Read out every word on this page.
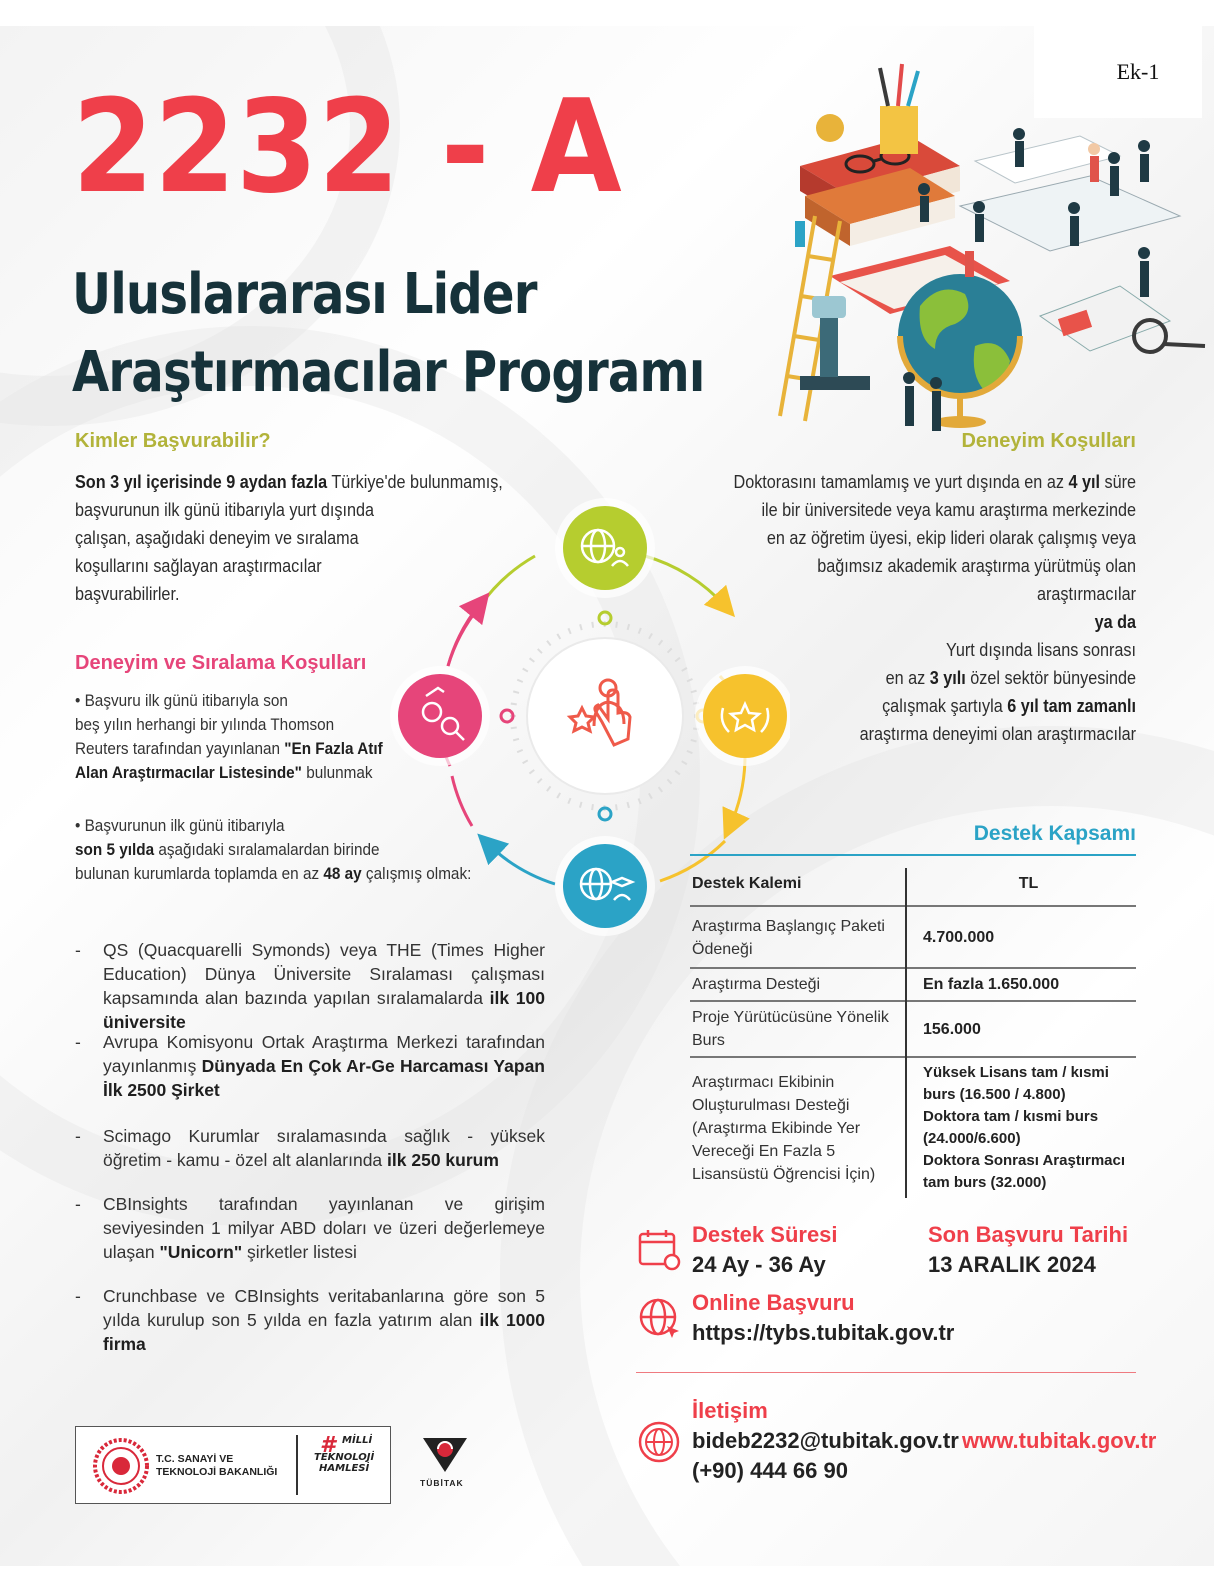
2232 - A
Uluslararası Lider
Araştırmacılar Programı
Ek-1
Kimler Başvurabilir?
Son 3 yıl içerisinde 9 aydan fazla Türkiye'de bulunmamış,
başvurunun ilk günü itibarıyla yurt dışında
çalışan, aşağıdaki deneyim ve sıralama
koşullarını sağlayan araştırmacılar
başvurabilirler.
Deneyim ve Sıralama Koşulları
• Başvuru ilk günü itibarıyla son
beş yılın herhangi bir yılında Thomson
Reuters tarafından yayınlanan "En Fazla Atıf
Alan Araştırmacılar Listesinde" bulunmak
• Başvurunun ilk günü itibarıyla
son 5 yılda aşağıdaki sıralamalardan birinde
bulunan kurumlarda toplamda en az 48 ay çalışmış olmak:
- QS (Quacquarelli Symonds) veya THE (Times Higher Education) Dünya Üniversite Sıralaması çalışması kapsamında alan bazında yapılan sıralamalarda ilk 100 üniversite
- Avrupa Komisyonu Ortak Araştırma Merkezi tarafından yayınlanmış Dünyada En Çok Ar-Ge Harcaması Yapan İlk 2500 Şirket
- Scimago Kurumlar sıralamasında sağlık - yüksek öğretim - kamu - özel alt alanlarında ilk 250 kurum
- CBInsights tarafından yayınlanan ve girişim seviyesinden 1 milyar ABD doları ve üzeri değerlemeye ulaşan "Unicorn" şirketler listesi
- Crunchbase ve CBInsights veritabanlarına göre son 5 yılda kurulup son 5 yılda en fazla yatırım alan ilk 1000 firma
Deneyim Koşulları
Doktorasını tamamlamış ve yurt dışında en az 4 yıl süre
ile bir üniversitede veya kamu araştırma merkezinde
en az öğretim üyesi, ekip lideri olarak çalışmış veya
bağımsız akademik araştırma yürütmüş olan
araştırmacılar
ya da
Yurt dışında lisans sonrası
en az 3 yılı özel sektör bünyesinde
çalışmak şartıyla 6 yıl tam zamanlı
araştırma deneyimi olan araştırmacılar
Destek Kapsamı
Destek Kalemi	TL
Araştırma Başlangıç Paketi Ödeneği	4.700.000
Araştırma Desteği	En fazla 1.650.000
Proje Yürütücüsüne Yönelik Burs	156.000
Araştırmacı Ekibinin Oluşturulması Desteği (Araştırma Ekibinde Yer Vereceği En Fazla 5 Lisansüstü Öğrencisi İçin)	Yüksek Lisans tam / kısmi burs (16.500 / 4.800)
Doktora tam / kısmi burs (24.000/6.600)
Doktora Sonrası Araştırmacı tam burs (32.000)
Destek Süresi
24 Ay - 36 Ay
Son Başvuru Tarihi
13 ARALIK 2024
Online Başvuru
https://tybs.tubitak.gov.tr
İletişim
bideb2232@tubitak.gov.tr
(+90) 444 66 90
www.tubitak.gov.tr
T.C. SANAYİ VE
TEKNOLOJİ BAKANLIĞI
# MİLLİ
TEKNOLOJİ
HAMLESİ
TÜBİTAK
